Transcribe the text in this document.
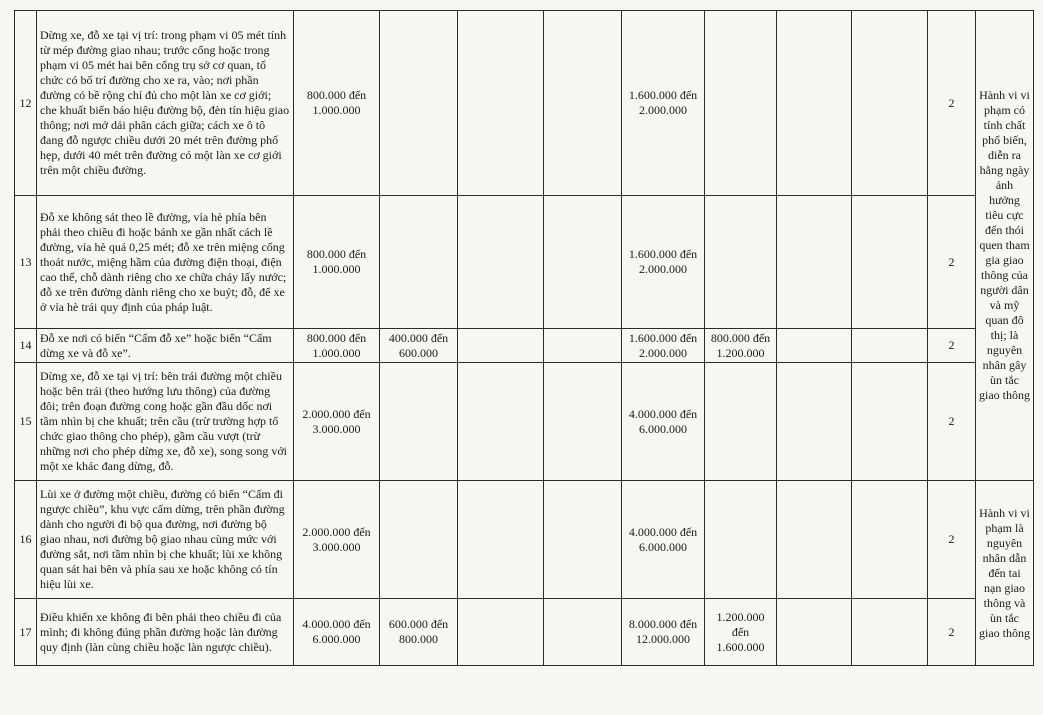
12	Dừng xe, đỗ xe tại vị trí: trong phạm vi 05 mét tính từ mép đường giao nhau; trước cổng hoặc trong phạm vi 05 mét hai bên cổng trụ sở cơ quan, tổ chức có bố trí đường cho xe ra, vào; nơi phần đường có bề rộng chỉ đủ cho một làn xe cơ giới; che khuất biển báo hiệu đường bộ, đèn tín hiệu giao thông; nơi mở dải phân cách giữa; cách xe ô tô đang đỗ ngược chiều dưới 20 mét trên đường phố hẹp, dưới 40 mét trên đường có một làn xe cơ giới trên một chiều đường.	800.000 đến 1.000.000				1.600.000 đến 2.000.000				2	Hành vi vi phạm có tính chất phổ biến, diễn ra hằng ngày ảnh hưởng tiêu cực đến thói quen tham gia giao thông của người dân và mỹ quan đô thị; là nguyên nhân gây ùn tắc giao thông
13	Đỗ xe không sát theo lề đường, vỉa hè phía bên phải theo chiều đi hoặc bánh xe gần nhất cách lề đường, vỉa hè quá 0,25 mét; đỗ xe trên miệng cống thoát nước, miệng hầm của đường điện thoại, điện cao thế, chỗ dành riêng cho xe chữa cháy lấy nước; đỗ xe trên đường dành riêng cho xe buýt; đỗ, để xe ở vỉa hè trái quy định của pháp luật.	800.000 đến 1.000.000				1.600.000 đến 2.000.000				2	
14	Đỗ xe nơi có biển “Cấm đỗ xe” hoặc biển “Cấm dừng xe và đỗ xe”.	800.000 đến 1.000.000	400.000 đến 600.000			1.600.000 đến 2.000.000	800.000 đến 1.200.000			2	
15	Dừng xe, đỗ xe tại vị trí: bên trái đường một chiều hoặc bên trái (theo hướng lưu thông) của đường đôi; trên đoạn đường cong hoặc gần đầu dốc nơi tầm nhìn bị che khuất; trên cầu (trừ trường hợp tổ chức giao thông cho phép), gầm cầu vượt (trừ những nơi cho phép dừng xe, đỗ xe), song song với một xe khác đang dừng, đỗ.	2.000.000 đến 3.000.000				4.000.000 đến 6.000.000				2	
16	Lùi xe ở đường một chiều, đường có biển “Cấm đi ngược chiều”, khu vực cấm dừng, trên phần đường dành cho người đi bộ qua đường, nơi đường bộ giao nhau, nơi đường bộ giao nhau cùng mức với đường sắt, nơi tầm nhìn bị che khuất; lùi xe không quan sát hai bên và phía sau xe hoặc không có tín hiệu lùi xe.	2.000.000 đến 3.000.000				4.000.000 đến 6.000.000				2	Hành vi vi phạm là nguyên nhân dẫn đến tai nạn giao thông và ùn tắc giao thông
17	Điều khiển xe không đi bên phải theo chiều đi của mình; đi không đúng phần đường hoặc làn đường quy định (làn cùng chiều hoặc làn ngược chiều).	4.000.000 đến 6.000.000	600.000 đến 800.000			8.000.000 đến 12.000.000	1.200.000 đến 1.600.000			2	
